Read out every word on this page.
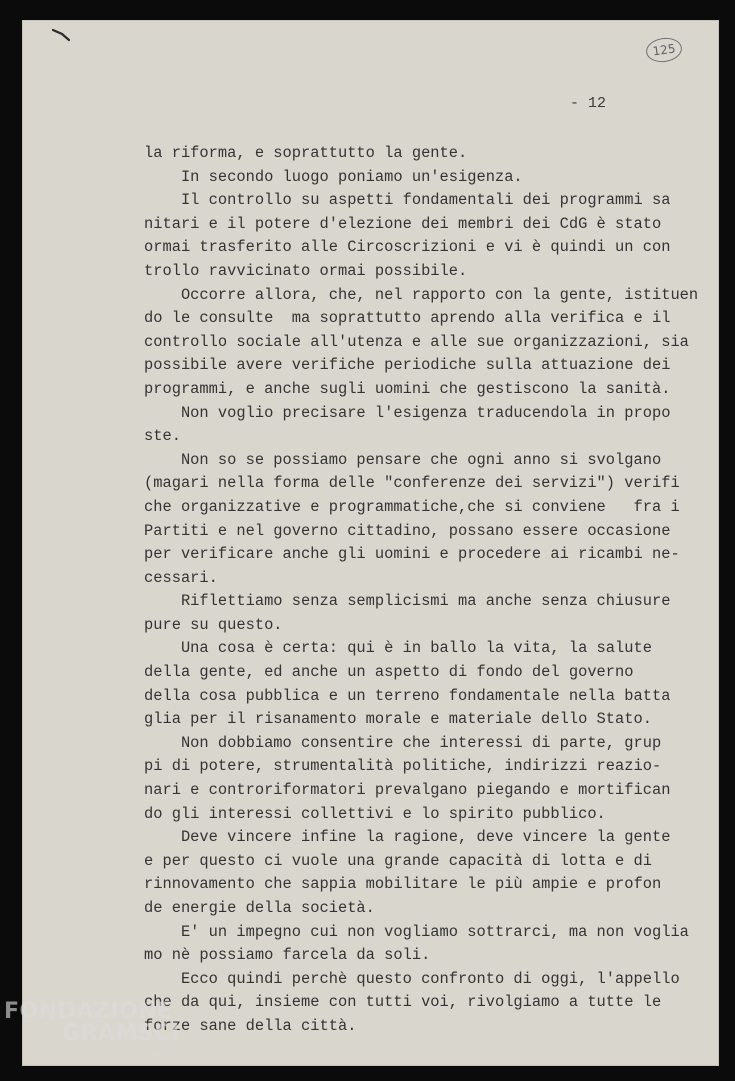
125
- 12
la riforma, e soprattutto la gente.
In secondo luogo poniamo un'esigenza.
Il controllo su aspetti fondamentali dei programmi sa
nitari e il potere d'elezione dei membri dei CdG è stato
ormai trasferito alle Circoscrizioni e vi è quindi un con
trollo ravvicinato ormai possibile.
Occorre allora, che, nel rapporto con la gente, istituen
do le consulte  ma soprattutto aprendo alla verifica e il
controllo sociale all'utenza e alle sue organizzazioni, sia
possibile avere verifiche periodiche sulla attuazione dei
programmi, e anche sugli uomini che gestiscono la sanità.
Non voglio precisare l'esigenza traducendola in propo
ste.
Non so se possiamo pensare che ogni anno si svolgano
(magari nella forma delle "conferenze dei servizi") verifi
che organizzative e programmatiche,che si conviene   fra i
Partiti e nel governo cittadino, possano essere occasione
per verificare anche gli uomini e procedere ai ricambi ne-
cessari.
Riflettiamo senza semplicismi ma anche senza chiusure
pure su questo.
Una cosa è certa: qui è in ballo la vita, la salute
della gente, ed anche un aspetto di fondo del governo
della cosa pubblica e un terreno fondamentale nella batta
glia per il risanamento morale e materiale dello Stato.
Non dobbiamo consentire che interessi di parte, grup
pi di potere, strumentalità politiche, indirizzi reazio-
nari e controriformatori prevalgano piegando e mortifican
do gli interessi collettivi e lo spirito pubblico.
Deve vincere infine la ragione, deve vincere la gente
e per questo ci vuole una grande capacità di lotta e di
rinnovamento che sappia mobilitare le più ampie e profon
de energie della società.
E' un impegno cui non vogliamo sottrarci, ma non voglia
mo nè possiamo farcela da soli.
Ecco quindi perchè questo confronto di oggi, l'appello
che da qui, insieme con tutti voi, rivolgiamo a tutte le
forze sane della città.
FONDAZIONE
GRAMSCI
onlus
